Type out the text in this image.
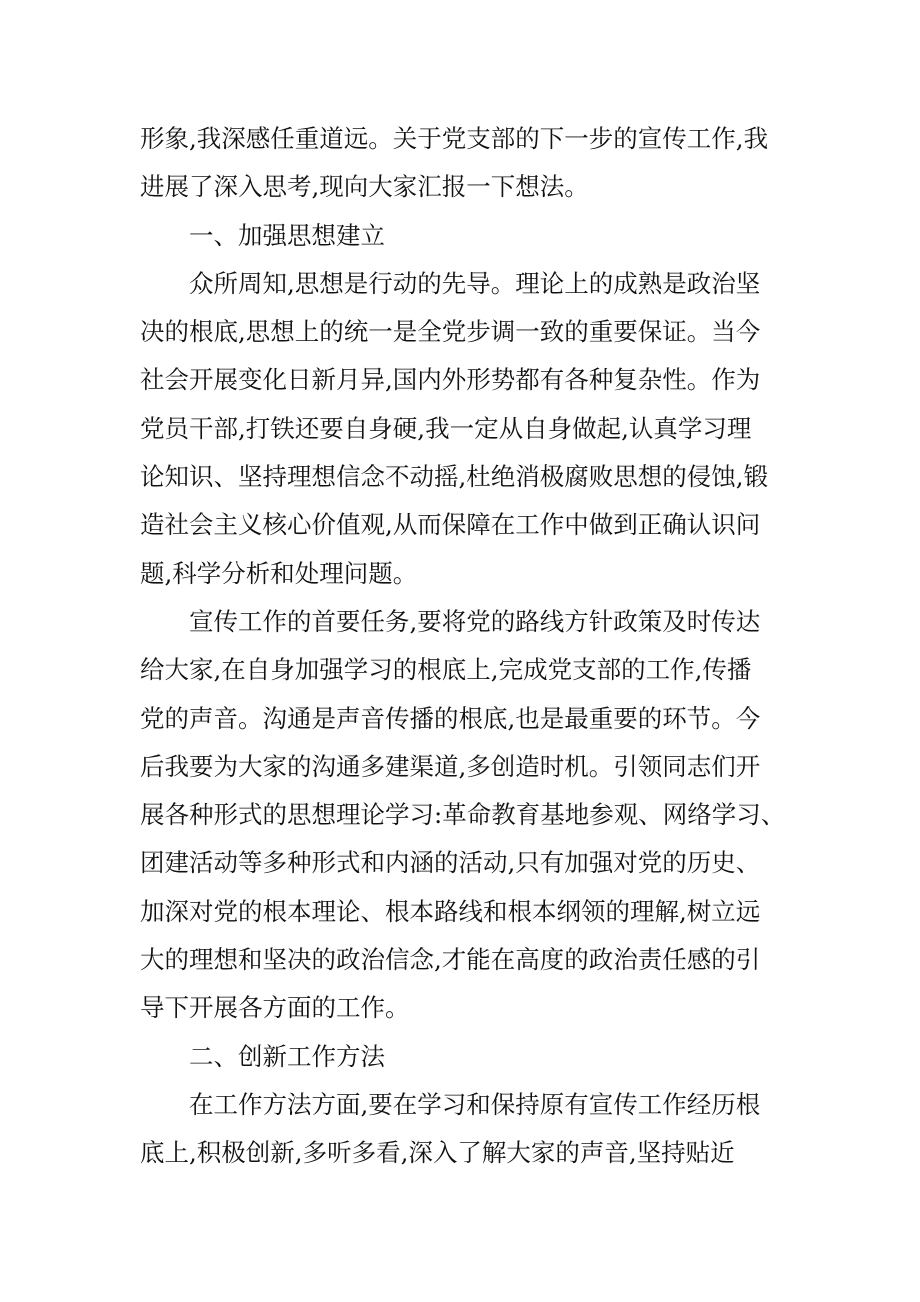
形象,我深感任重道远。关于党支部的下一步的宣传工作,我
进展了深入思考,现向大家汇报一下想法。
一、加强思想建立
众所周知,思想是行动的先导。理论上的成熟是政治坚
决的根底,思想上的统一是全党步调一致的重要保证。当今
社会开展变化日新月异,国内外形势都有各种复杂性。作为
党员干部,打铁还要自身硬,我一定从自身做起,认真学习理
论知识、坚持理想信念不动摇,杜绝消极腐败思想的侵蚀,锻
造社会主义核心价值观,从而保障在工作中做到正确认识问
题,科学分析和处理问题。
宣传工作的首要任务,要将党的路线方针政策及时传达
给大家,在自身加强学习的根底上,完成党支部的工作,传播
党的声音。沟通是声音传播的根底,也是最重要的环节。今
后我要为大家的沟通多建渠道,多创造时机。引领同志们开
展各种形式的思想理论学习:革命教育基地参观、网络学习、
团建活动等多种形式和内涵的活动,只有加强对党的历史、
加深对党的根本理论、根本路线和根本纲领的理解,树立远
大的理想和坚决的政治信念,才能在高度的政治责任感的引
导下开展各方面的工作。
二、创新工作方法
在工作方法方面,要在学习和保持原有宣传工作经历根
底上,积极创新,多听多看,深入了解大家的声音,坚持贴近
